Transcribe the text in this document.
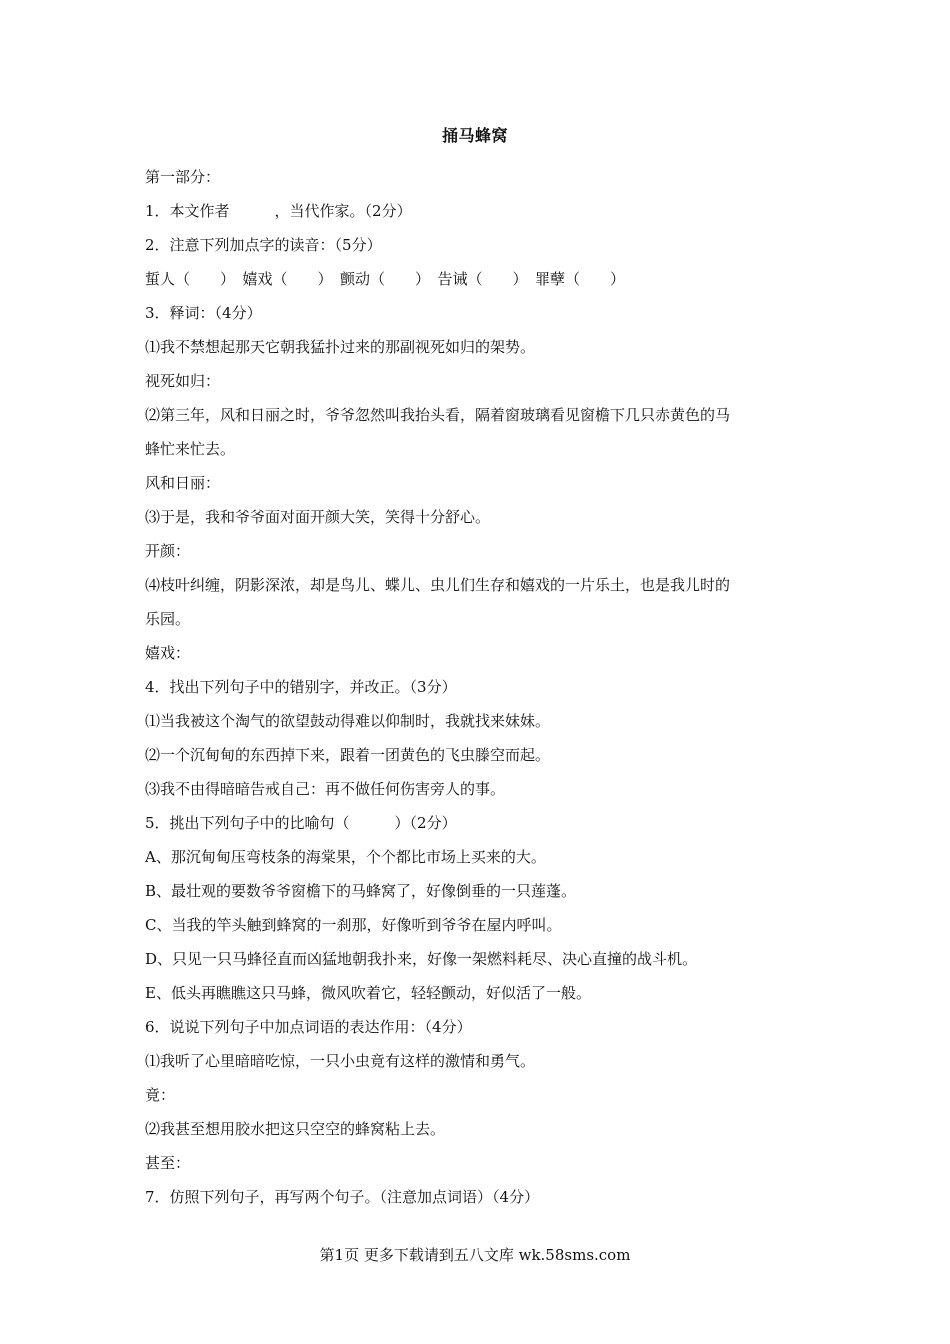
捅马蜂窝
第一部分：
1．本文作者　　　，当代作家。（2分）
2．注意下列加点字的读音：（5分）
蜇人（　　）　嬉戏（　　）　颤动（　　）　告诫（　　）　罪孽（　　）
3．释词：（4分）
⑴我不禁想起那天它朝我猛扑过来的那副视死如归的架势。
视死如归：
⑵第三年，风和日丽之时，爷爷忽然叫我抬头看，隔着窗玻璃看见窗檐下几只赤黄色的马
蜂忙来忙去。
风和日丽：
⑶于是，我和爷爷面对面开颜大笑，笑得十分舒心。
开颜：
⑷枝叶纠缠，阴影深浓，却是鸟儿、蝶儿、虫儿们生存和嬉戏的一片乐土，也是我儿时的
乐园。
嬉戏：
4．找出下列句子中的错别字，并改正。（3分）
⑴当我被这个淘气的欲望鼓动得难以仰制时，我就找来妹妹。
⑵一个沉甸甸的东西掉下来，跟着一团黄色的飞虫滕空而起。
⑶我不由得暗暗告戒自己：再不做任何伤害旁人的事。
5．挑出下列句子中的比喻句（　　　）（2分）
A、那沉甸甸压弯枝条的海棠果，个个都比市场上买来的大。
B、最壮观的要数爷爷窗檐下的马蜂窝了，好像倒垂的一只莲蓬。
C、当我的竿头触到蜂窝的一刹那，好像听到爷爷在屋内呼叫。
D、只见一只马蜂径直而凶猛地朝我扑来，好像一架燃料耗尽、决心直撞的战斗机。
E、低头再瞧瞧这只马蜂，微风吹着它，轻轻颤动，好似活了一般。
6．说说下列句子中加点词语的表达作用：（4分）
⑴我听了心里暗暗吃惊，一只小虫竟有这样的激情和勇气。
竟：
⑵我甚至想用胶水把这只空空的蜂窝粘上去。
甚至：
7．仿照下列句子，再写两个句子。（注意加点词语）（4分）
第1页 更多下载请到五八文库 wk.58sms.com
